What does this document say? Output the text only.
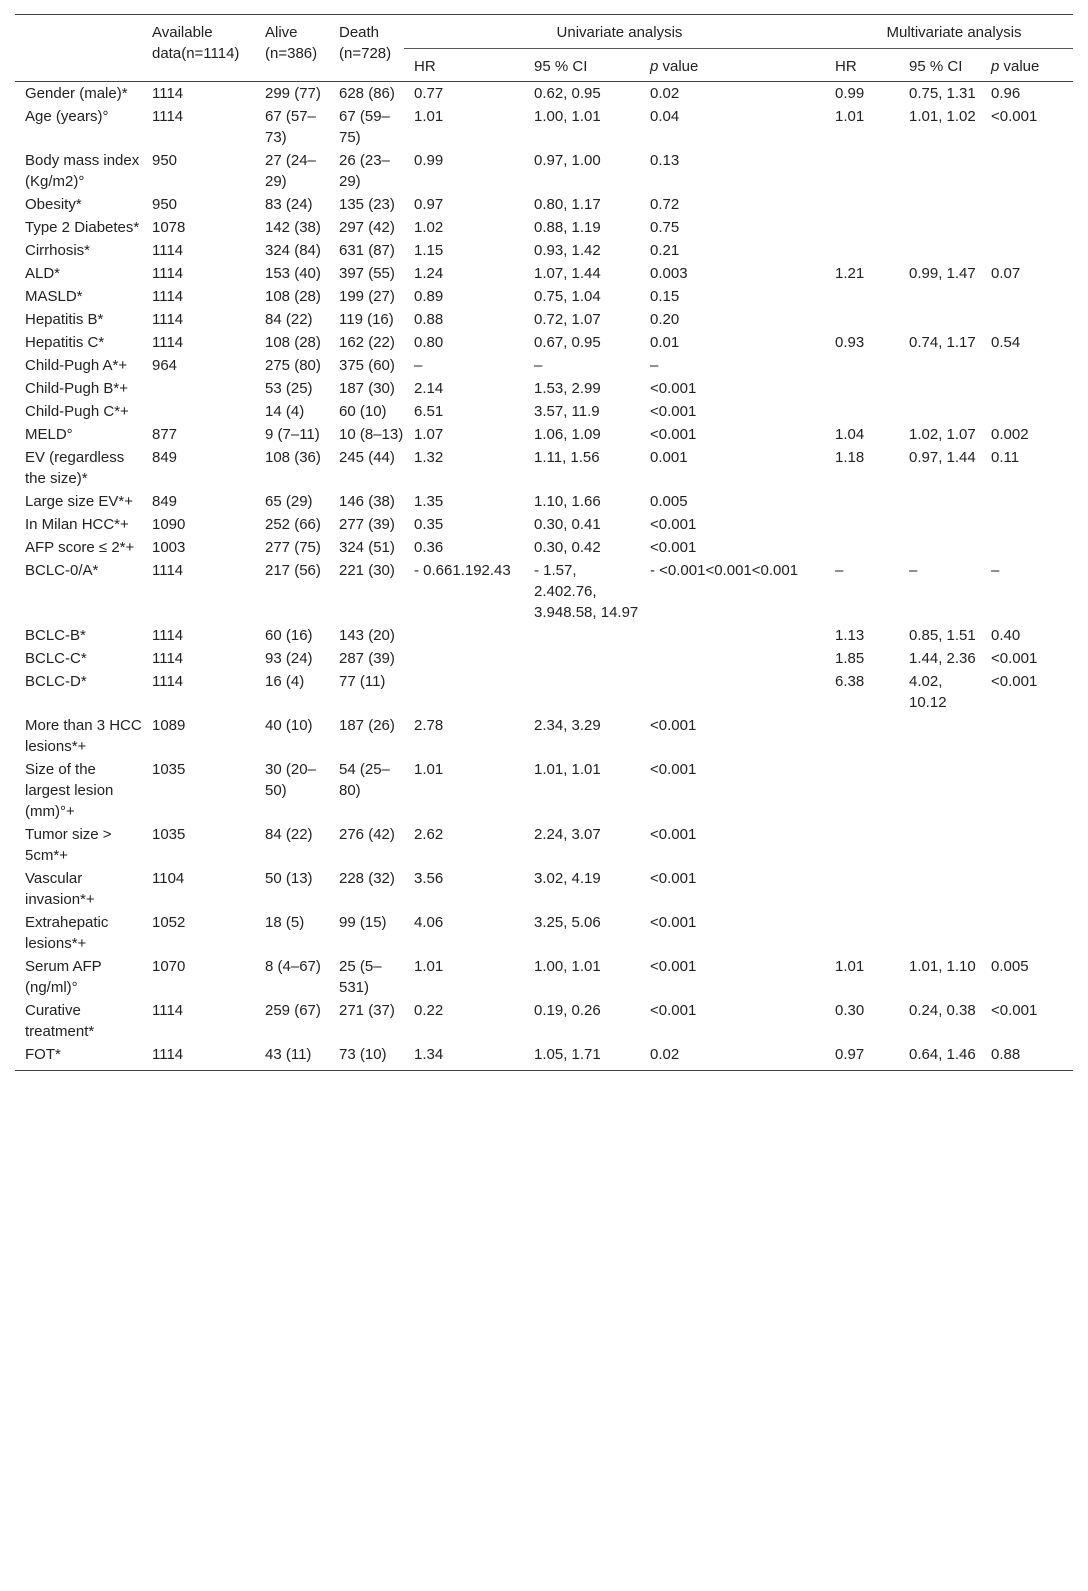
	Available data(n=1114)	Alive (n=386)	Death (n=728)	Univariate analysis			Multivariate analysis		
				HR	95 % CI	p value	HR	95 % CI	p value
Gender (male)*	1114	299 (77)	628 (86)	0.77	0.62, 0.95	0.02	0.99	0.75, 1.31	0.96
Age (years)°	1114	67 (57–73)	67 (59–75)	1.01	1.00, 1.01	0.04	1.01	1.01, 1.02	<0.001
Body mass index (Kg/m2)°	950	27 (24–29)	26 (23–29)	0.99	0.97, 1.00	0.13			
Obesity*	950	83 (24)	135 (23)	0.97	0.80, 1.17	0.72			
Type 2 Diabetes*	1078	142 (38)	297 (42)	1.02	0.88, 1.19	0.75			
Cirrhosis*	1114	324 (84)	631 (87)	1.15	0.93, 1.42	0.21			
ALD*	1114	153 (40)	397 (55)	1.24	1.07, 1.44	0.003	1.21	0.99, 1.47	0.07
MASLD*	1114	108 (28)	199 (27)	0.89	0.75, 1.04	0.15			
Hepatitis B*	1114	84 (22)	119 (16)	0.88	0.72, 1.07	0.20			
Hepatitis C*	1114	108 (28)	162 (22)	0.80	0.67, 0.95	0.01	0.93	0.74, 1.17	0.54
Child-Pugh A*+	964	275 (80)	375 (60)	–	–	–			
Child-Pugh B*+		53 (25)	187 (30)	2.14	1.53, 2.99	<0.001			
Child-Pugh C*+		14 (4)	60 (10)	6.51	3.57, 11.9	<0.001			
MELD°	877	9 (7–11)	10 (8–13)	1.07	1.06, 1.09	<0.001	1.04	1.02, 1.07	0.002
EV (regardless the size)*	849	108 (36)	245 (44)	1.32	1.11, 1.56	0.001	1.18	0.97, 1.44	0.11
Large size EV*+	849	65 (29)	146 (38)	1.35	1.10, 1.66	0.005			
In Milan HCC*+	1090	252 (66)	277 (39)	0.35	0.30, 0.41	<0.001			
AFP score ≤ 2*+	1003	277 (75)	324 (51)	0.36	0.30, 0.42	<0.001			
BCLC-0/A*	1114	217 (56)	221 (30)	- 0.661.192.43	- 1.57, 2.402.76, 3.948.58, 14.97	- <0.001<0.001<0.001	–	–	–
BCLC-B*	1114	60 (16)	143 (20)				1.13	0.85, 1.51	0.40
BCLC-C*	1114	93 (24)	287 (39)				1.85	1.44, 2.36	<0.001
BCLC-D*	1114	16 (4)	77 (11)				6.38	4.02, 10.12	<0.001
More than 3 HCC lesions*+	1089	40 (10)	187 (26)	2.78	2.34, 3.29	<0.001			
Size of the largest lesion (mm)°+	1035	30 (20–50)	54 (25–80)	1.01	1.01, 1.01	<0.001			
Tumor size > 5cm*+	1035	84 (22)	276 (42)	2.62	2.24, 3.07	<0.001			
Vascular invasion*+	1104	50 (13)	228 (32)	3.56	3.02, 4.19	<0.001			
Extrahepatic lesions*+	1052	18 (5)	99 (15)	4.06	3.25, 5.06	<0.001			
Serum AFP (ng/ml)°	1070	8 (4–67)	25 (5–531)	1.01	1.00, 1.01	<0.001	1.01	1.01, 1.10	0.005
Curative treatment*	1114	259 (67)	271 (37)	0.22	0.19, 0.26	<0.001	0.30	0.24, 0.38	<0.001
FOT*	1114	43 (11)	73 (10)	1.34	1.05, 1.71	0.02	0.97	0.64, 1.46	0.88
